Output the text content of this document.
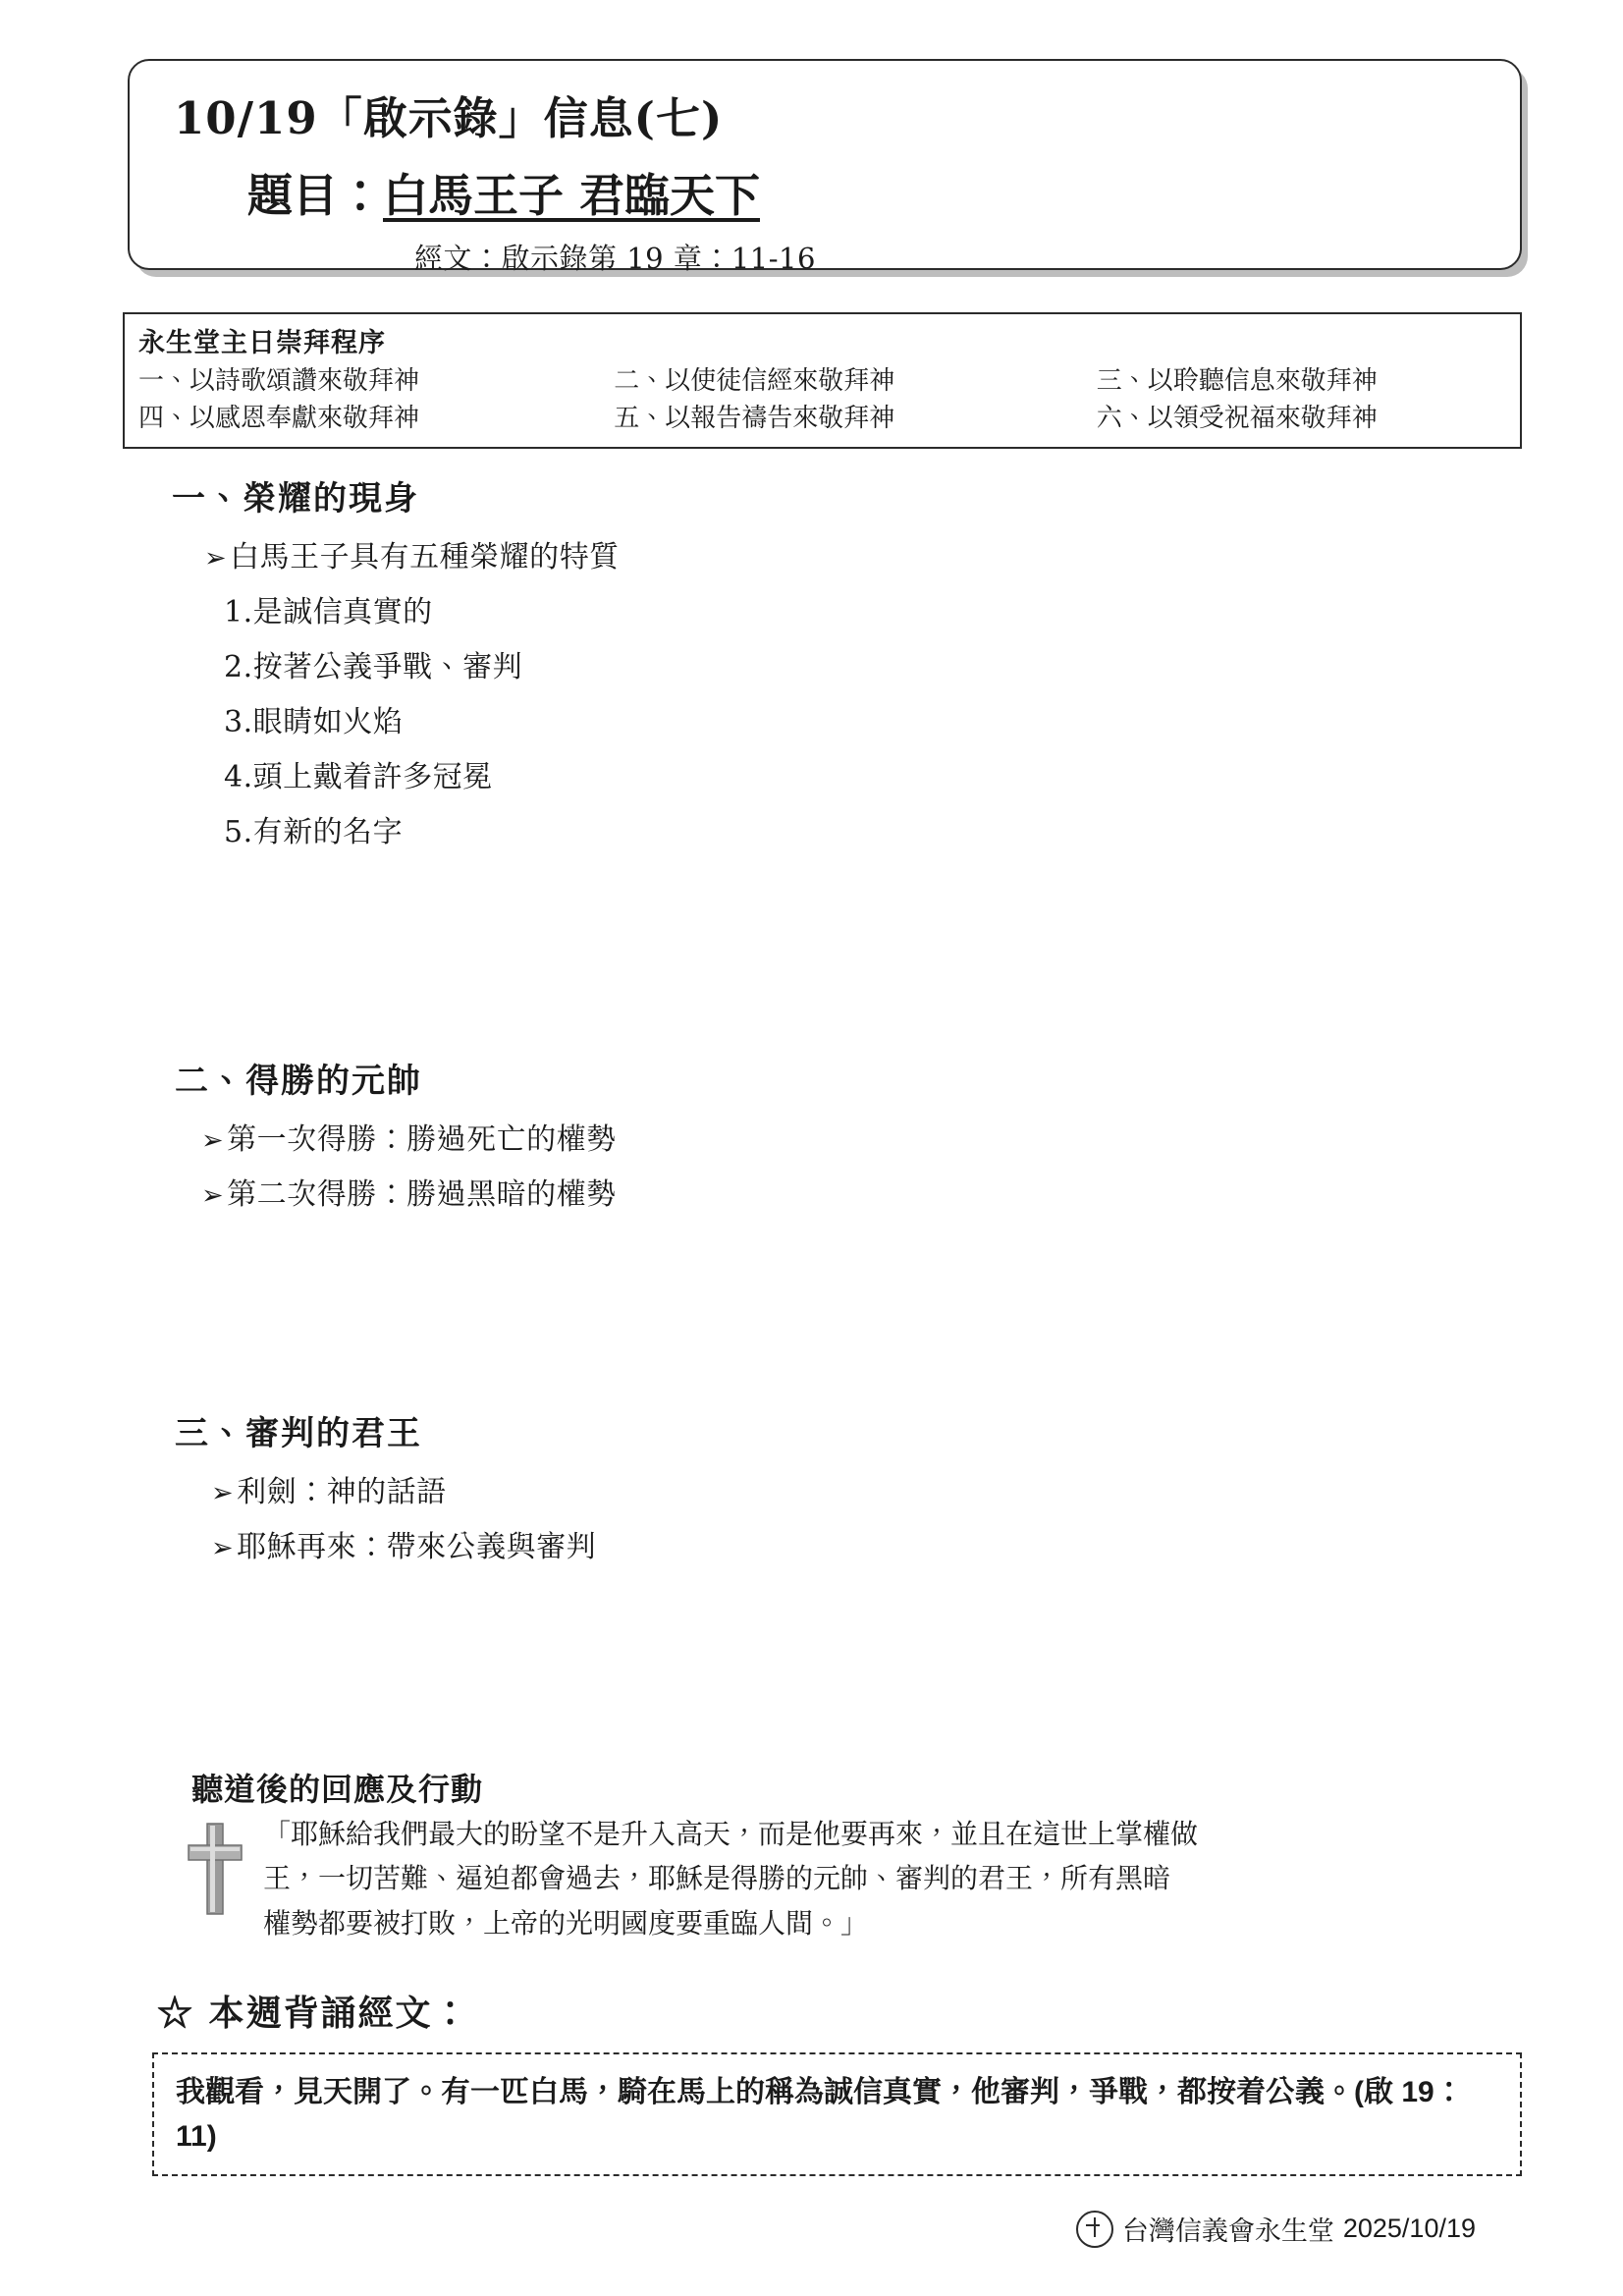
10/19「啟示錄」信息(七)
題目：白馬王子 君臨天下
經文：啟示錄第 19 章：11-16
永生堂主日崇拜程序
一、以詩歌頌讚來敬拜神	二、以使徒信經來敬拜神	三、以聆聽信息來敬拜神
四、以感恩奉獻來敬拜神	五、以報告禱告來敬拜神	六、以領受祝福來敬拜神
一、榮耀的現身
➢ 白馬王子具有五種榮耀的特質
1.是誠信真實的
2.按著公義爭戰、審判
3.眼睛如火焰
4.頭上戴着許多冠冕
5.有新的名字
二、得勝的元帥
➢ 第一次得勝：勝過死亡的權勢
➢ 第二次得勝：勝過黑暗的權勢
三、審判的君王
➢ 利劍：神的話語
➢ 耶穌再來：帶來公義與審判
聽道後的回應及行動

「耶穌給我們最大的盼望不是升入高天，而是他要再來，並且在這世上掌權做

王，一切苦難、逼迫都會過去，耶穌是得勝的元帥、審判的君王，所有黑暗

權勢都要被打敗，上帝的光明國度要重臨人間。」

☆ 本週背誦經文：
我觀看，見天開了。有一匹白馬，騎在馬上的稱為誠信真實，他審判，爭戰，都按着公義。(啟 19：11)
台灣信義會永生堂 2025/10/19
